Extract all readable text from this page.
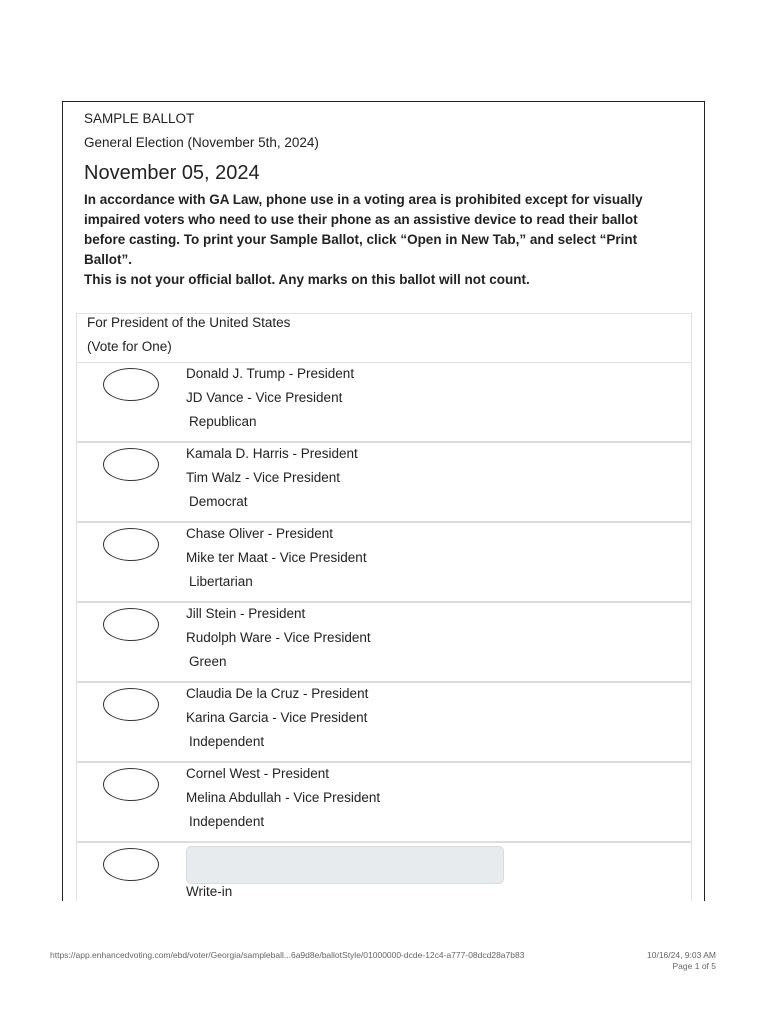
SAMPLE BALLOT
General Election (November 5th, 2024)
November 05, 2024

In accordance with GA Law, phone use in a voting area is prohibited except for visually impaired voters who need to use their phone as an assistive device to read their ballot before casting. To print your Sample Ballot, click “Open in New Tab,” and select “Print Ballot”.

This is not your official ballot. Any marks on this ballot will not count.

For President of the United States
(Vote for One)
Donald J. Trump - President
JD Vance - Vice President
Republican
Kamala D. Harris - President
Tim Walz - Vice President
Democrat
Chase Oliver - President
Mike ter Maat - Vice President
Libertarian
Jill Stein - President
Rudolph Ware - Vice President
Green
Claudia De la Cruz - President
Karina Garcia - Vice President
Independent
Cornel West - President
Melina Abdullah - Vice President
Independent
Write-in
https://app.enhancedvoting.com/ebd/voter/Georgia/sampleball...6a9d8e/ballotStyle/01000000-dcde-12c4-a777-08dcd28a7b83	10/16/24, 9:03 AM
Page 1 of 5
